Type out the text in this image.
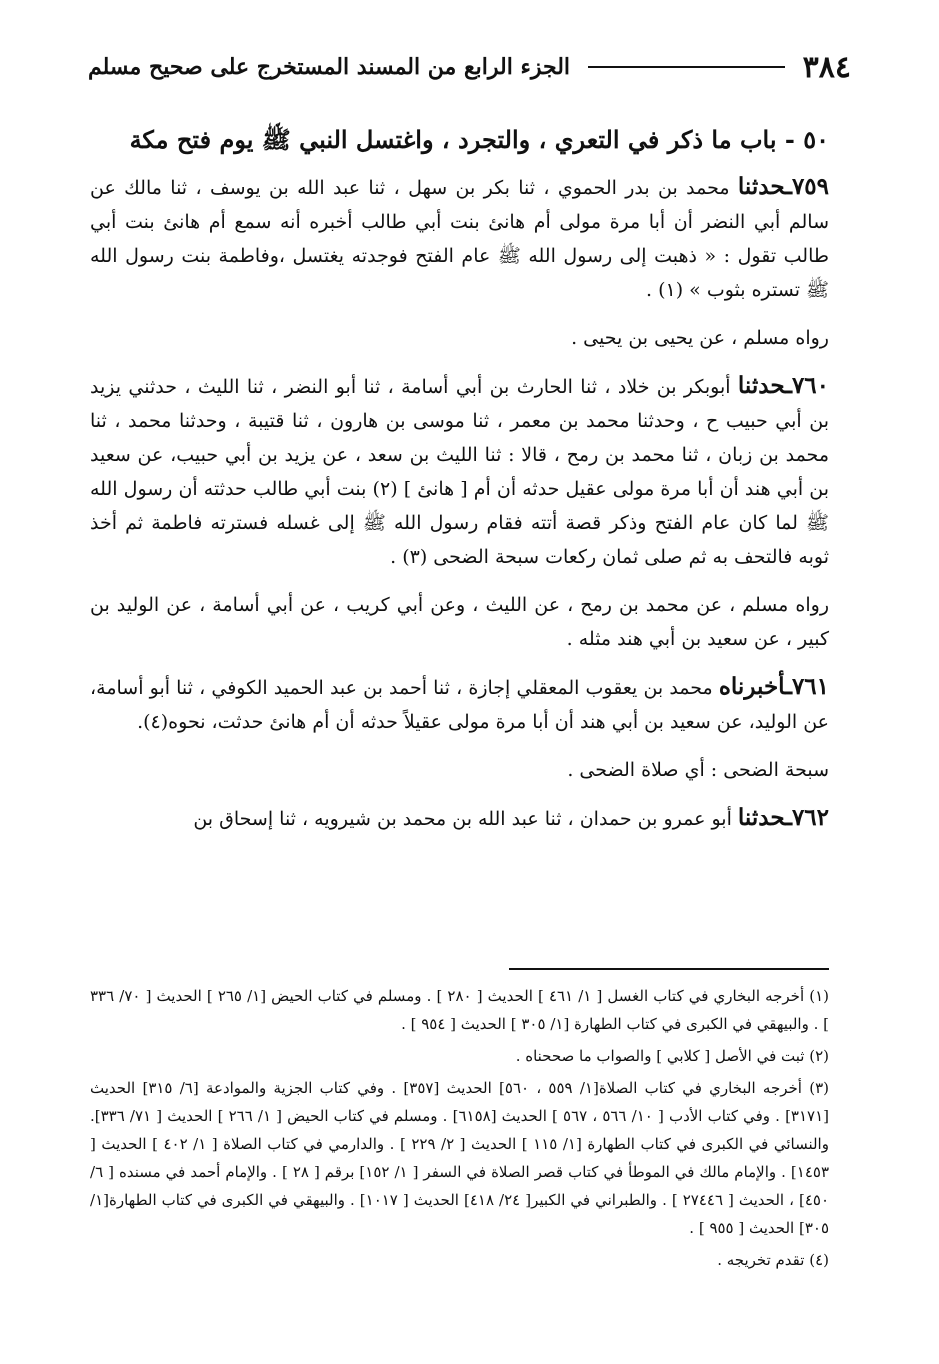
٣٨٤
الجزء الرابع من المسند المستخرج على صحيح مسلم
٥٠ - باب ما ذكر في التعري ، والتجرد ، واغتسل النبي ﷺ يوم فتح مكة

٧٥٩ـحدثنا محمد بن بدر الحموي ، ثنا بكر بن سهل ، ثنا عبد الله بن يوسف ، ثنا مالك عن سالم أبي النضر أن أبا مرة مولى أم هانئ بنت أبي طالب أخبره أنه سمع أم هانئ بنت أبي طالب تقول : « ذهبت إلى رسول الله ﷺ عام الفتح فوجدته يغتسل ،وفاطمة بنت رسول الله ﷺ تستره بثوب » (١) .

رواه مسلم ، عن يحيى بن يحيى .

٧٦٠ـحدثنا أبوبكر بن خلاد ، ثنا الحارث بن أبي أسامة ، ثنا أبو النضر ، ثنا الليث ، حدثني يزيد بن أبي حبيب ح ، وحدثنا محمد بن معمر ، ثنا موسى بن هارون ، ثنا قتيبة ، وحدثنا محمد ، ثنا محمد بن زبان ، ثنا محمد بن رمح ، قالا : ثنا الليث بن سعد ، عن يزيد بن أبي حبيب، عن سعيد بن أبي هند أن أبا مرة مولى عقيل حدثه أن أم [ هانئ ] (٢) بنت أبي طالب حدثته أن رسول الله ﷺ لما كان عام الفتح وذكر قصة أتته فقام رسول الله ﷺ إلى غسله فسترته فاطمة ثم أخذ ثوبه فالتحف به ثم صلى ثمان ركعات سبحة الضحى (٣) .

رواه مسلم ، عن محمد بن رمح ، عن الليث ، وعن أبي كريب ، عن أبي أسامة ، عن الوليد بن كبير ، عن سعيد بن أبي هند مثله .

٧٦١ـأخبرناه محمد بن يعقوب المعقلي إجازة ، ثنا أحمد بن عبد الحميد الكوفي ، ثنا أبو أسامة، عن الوليد، عن سعيد بن أبي هند أن أبا مرة مولى عقيلاً حدثه أن أم هانئ حدثت، نحوه(٤).

سبحة الضحى : أي صلاة الضحى .

٧٦٢ـحدثنا أبو عمرو بن حمدان ، ثنا عبد الله بن محمد بن شيرويه ، ثنا إسحاق بن

(١) أخرجه البخاري في كتاب الغسل [ ١/ ٤٦١ ] الحديث [ ٢٨٠ ] . ومسلم في كتاب الحيض [١/ ٢٦٥ ] الحديث [ ٧٠/ ٣٣٦ ] . والبيهقي في الكبرى في كتاب الطهارة [١/ ٣٠٥ ] الحديث [ ٩٥٤ ] .

(٢) ثبت في الأصل [ كلابي ] والصواب ما صححناه .

(٣) أخرجه البخاري في كتاب الصلاة[١/ ٥٥٩ ، ٥٦٠] الحديث [٣٥٧] . وفي كتاب الجزية والموادعة [٦/ ٣١٥] الحديث [٣١٧١] . وفي كتاب الأدب [ ١٠/ ٥٦٦ ، ٥٦٧ ] الحديث [٦١٥٨] . ومسلم في كتاب الحيض [ ١/ ٢٦٦ ] الحديث [ ٧١/ ٣٣٦]. والنسائي في الكبرى في كتاب الطهارة [١/ ١١٥ ] الحديث [ ٢/ ٢٢٩ ] . والدارمي في كتاب الصلاة [ ١/ ٤٠٢ ] الحديث [ ١٤٥٣] . والإمام مالك في الموطأ في كتاب قصر الصلاة في السفر [ ١/ ١٥٢] برقم [ ٢٨ ] . والإمام أحمد في مسنده [ ٦/ ٤٥٠] ، الحديث [ ٢٧٤٤٦ ] . والطبراني في الكبير[ ٢٤/ ٤١٨] الحديث [ ١٠١٧] . والبيهقي في الكبرى في كتاب الطهارة[١/ ٣٠٥] الحديث [ ٩٥٥ ] .

(٤) تقدم تخريجه .
